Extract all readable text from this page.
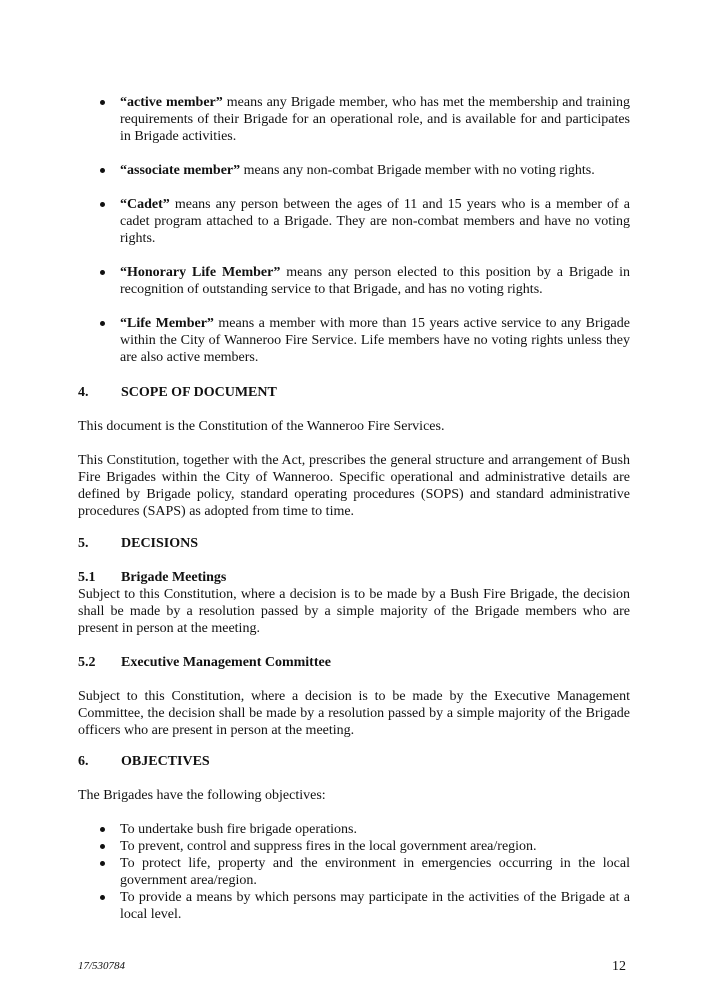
“active member” means any Brigade member, who has met the membership and training requirements of their Brigade for an operational role, and is available for and participates in Brigade activities.
“associate member” means any non-combat Brigade member with no voting rights.
“Cadet” means any person between the ages of 11 and 15 years who is a member of a cadet program attached to a Brigade. They are non-combat members and have no voting rights.
“Honorary Life Member” means any person elected to this position by a Brigade in recognition of outstanding service to that Brigade, and has no voting rights.
“Life Member” means a member with more than 15 years active service to any Brigade within the City of Wanneroo Fire Service. Life members have no voting rights unless they are also active members.
4.	SCOPE OF DOCUMENT

This document is the Constitution of the Wanneroo Fire Services.

This Constitution, together with the Act, prescribes the general structure and arrangement of Bush Fire Brigades within the City of Wanneroo. Specific operational and administrative details are defined by Brigade policy, standard operating procedures (SOPS) and standard administrative procedures (SAPS) as adopted from time to time.

5.	DECISIONS
5.1	Brigade Meetings

Subject to this Constitution, where a decision is to be made by a Bush Fire Brigade, the decision shall be made by a resolution passed by a simple majority of the Brigade members who are present in person at the meeting.

5.2	Executive Management Committee

Subject to this Constitution, where a decision is to be made by the Executive Management Committee, the decision shall be made by a resolution passed by a simple majority of the Brigade officers who are present in person at the meeting.

6.	OBJECTIVES

The Brigades have the following objectives:

To undertake bush fire brigade operations.
To prevent, control and suppress fires in the local government area/region.
To protect life, property and the environment in emergencies occurring in the local government area/region.
To provide a means by which persons may participate in the activities of the Brigade at a local level.
17/530784	12
